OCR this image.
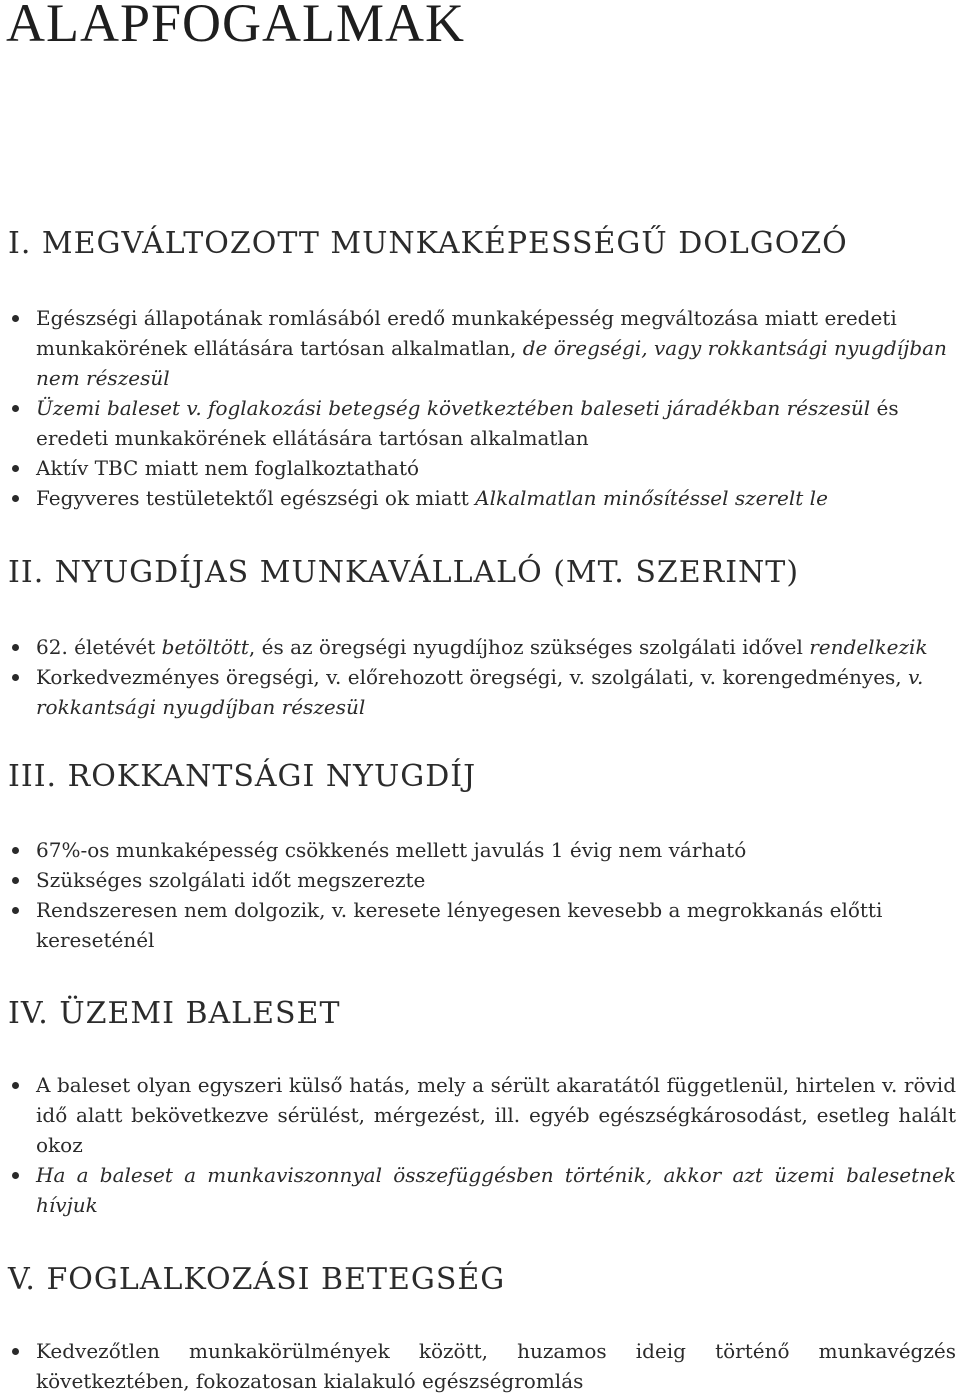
ALAPFOGALMAK
I. MEGVÁLTOZOTT MUNKAKÉPESSÉGŰ DOLGOZÓ
Egészségi állapotának romlásából eredő munkaképesség megváltozása miatt eredeti munkakörének ellátására tartósan alkalmatlan, de öregségi, vagy rokkantsági nyugdíjban nem részesül
Üzemi baleset v. foglakozási betegség következtében baleseti járadékban részesül és eredeti munkakörének ellátására tartósan alkalmatlan
Aktív TBC miatt nem foglalkoztatható
Fegyveres testületektől egészségi ok miatt Alkalmatlan minősítéssel szerelt le
II. NYUGDÍJAS MUNKAVÁLLALÓ (MT. SZERINT)
62. életévét betöltött, és az öregségi nyugdíjhoz szükséges szolgálati idővel rendelkezik
Korkedvezményes öregségi, v. előrehozott öregségi, v. szolgálati, v. korengedményes, v. rokkantsági nyugdíjban részesül
III. ROKKANTSÁGI NYUGDÍJ
67%-os munkaképesség csökkenés mellett javulás 1 évig nem várható
Szükséges szolgálati időt megszerezte
Rendszeresen nem dolgozik, v. keresete lényegesen kevesebb a megrokkanás előtti kereseténél
IV. ÜZEMI BALESET
A baleset olyan egyszeri külső hatás, mely a sérült akaratától függetlenül, hirtelen v. rövid idő alatt bekövetkezve sérülést, mérgezést, ill. egyéb egészségkárosodást, esetleg halált okoz
Ha a baleset a munkaviszonnyal összefüggésben történik, akkor azt üzemi balesetnek hívjuk
V. FOGLALKOZÁSI BETEGSÉG
Kedvezőtlen munkakörülmények között, huzamos ideig történő munkavégzés következtében, fokozatosan kialakuló egészségromlás
